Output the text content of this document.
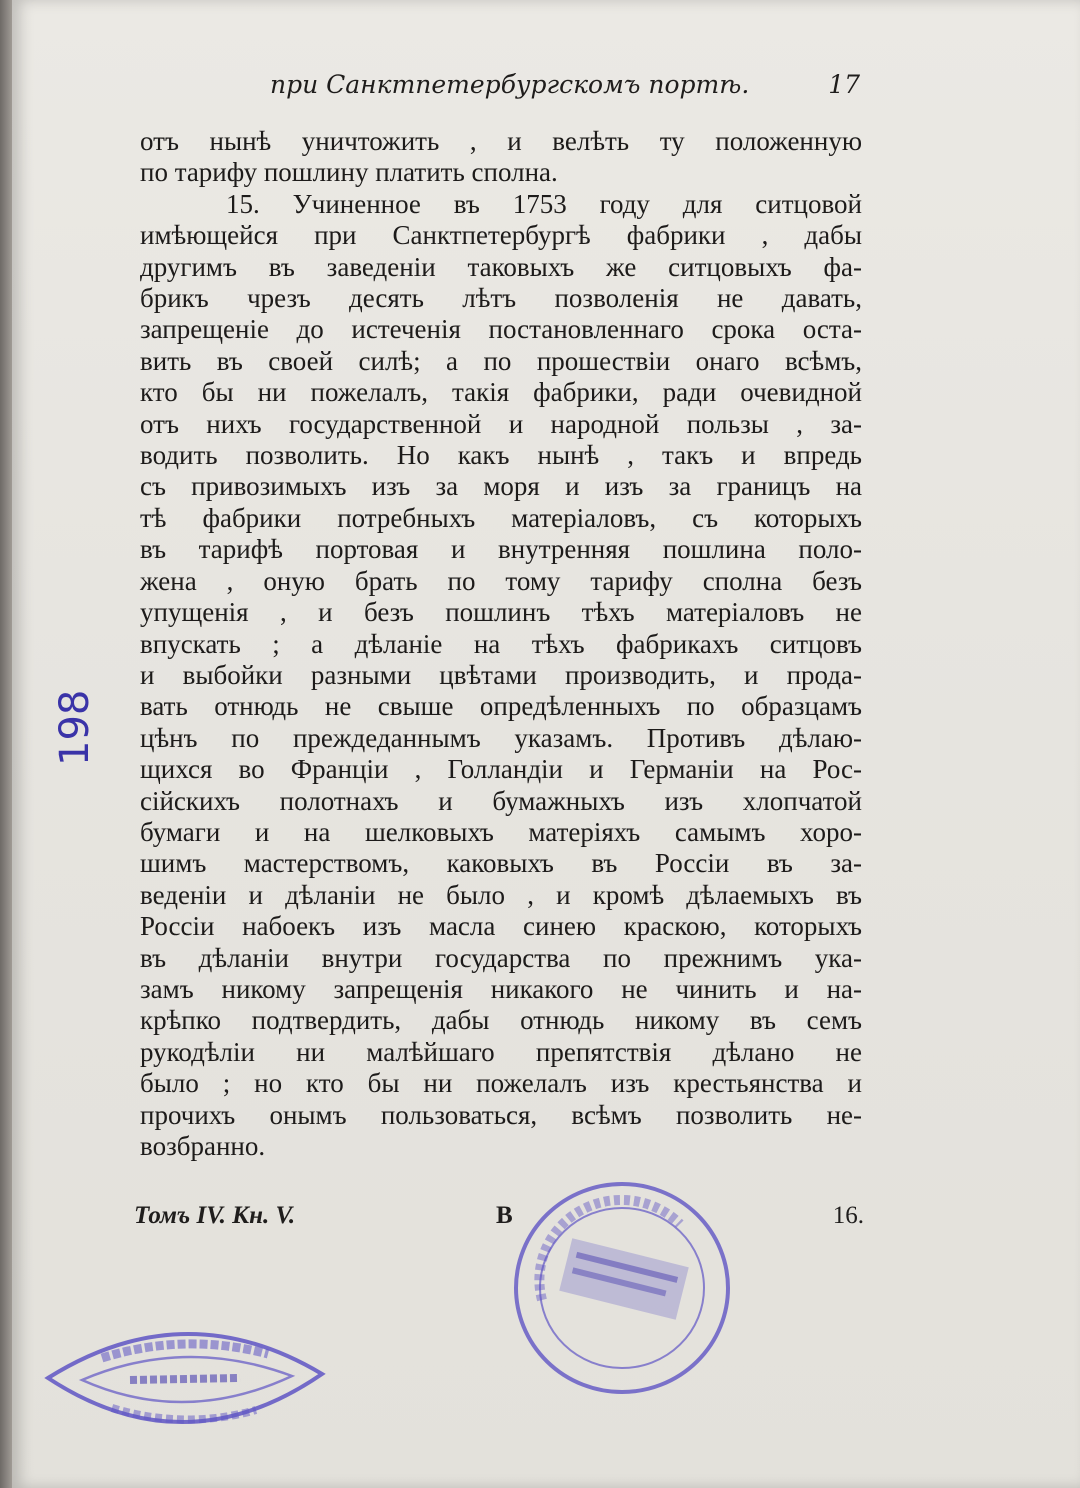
при Санктпетербургскомъ портѣ.	17
отъ нынѣ уничтожить , и велѣть ту положенную
по тарифу пошлину платить сполна.
15. Учиненное въ 1753 году для ситцовой
имѣющейся при Санктпетербургѣ фабрики , дабы
другимъ въ заведеніи таковыхъ же ситцовыхъ фа-
брикъ чрезъ десять лѣтъ позволенія не давать,
запрещеніе до истеченія постановленнаго срока оста-
вить въ своей силѣ; а по прошествіи онаго всѣмъ,
кто бы ни пожелалъ, такія фабрики, ради очевидной
отъ нихъ государственной и народной пользы , за-
водить позволить. Но какъ нынѣ , такъ и впредь
съ привозимыхъ изъ за моря и изъ за границъ на
тѣ фабрики потребныхъ матеріаловъ, съ которыхъ
въ тарифѣ портовая и внутренняя пошлина поло-
жена , оную брать по тому тарифу сполна безъ
упущенія , и безъ пошлинъ тѣхъ матеріаловъ не
впускать ; а дѣланіе на тѣхъ фабрикахъ ситцовъ
и выбойки разными цвѣтами производить, и прода-
вать отнюдь не свыше опредѣленныхъ по образцамъ
цѣнъ по преждеданнымъ указамъ. Противъ дѣлаю-
щихся во Франціи , Голландіи и Германіи на Рос-
сійскихъ полотнахъ и бумажныхъ изъ хлопчатой
бумаги и на шелковыхъ матеріяхъ самымъ хоро-
шимъ мастерствомъ, каковыхъ въ Россіи въ за-
веденіи и дѣланіи не было , и кромѣ дѣлаемыхъ въ
Россіи набоекъ изъ масла синею краскою, которыхъ
въ дѣланіи внутри государства по прежнимъ ука-
замъ никому запрещенія никакого не чинить и на-
крѣпко подтвердить, дабы отнюдь никому въ семъ
рукодѣліи ни малѣйшаго препятствія дѣлано не
было ; но кто бы ни пожелалъ изъ крестьянства и
прочихъ онымъ пользоваться, всѣмъ позволить не-
возбранно.
198
Томъ IV. Кн. V.	В	16.
